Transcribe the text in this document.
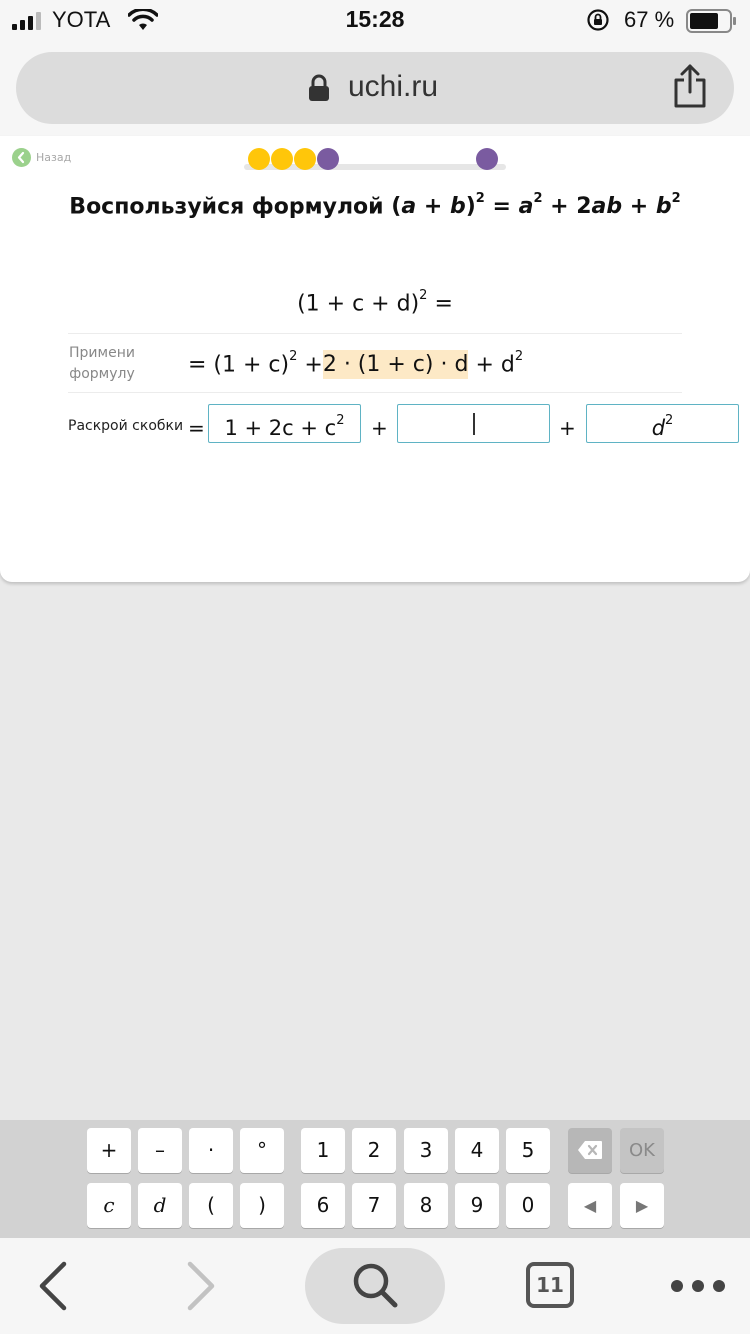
YOTA	15:28	67 %
uchi.ru
Назад
Воспользуйся формулой $(a + b)^2 = a^2 + 2ab + b^2$
$(1 + c + d)^2$ =
Примени
формулу = $(1 + c)^2 +2 \cdot (1 + c) \cdot d + d^2$
Раскрой скобки = $1 + 2c + c^2$	+	+	$d^2$
+	–	·	°	1	2	3	4	5	OK
c	d	(	)	6	7	8	9	0	◀	▶
11
